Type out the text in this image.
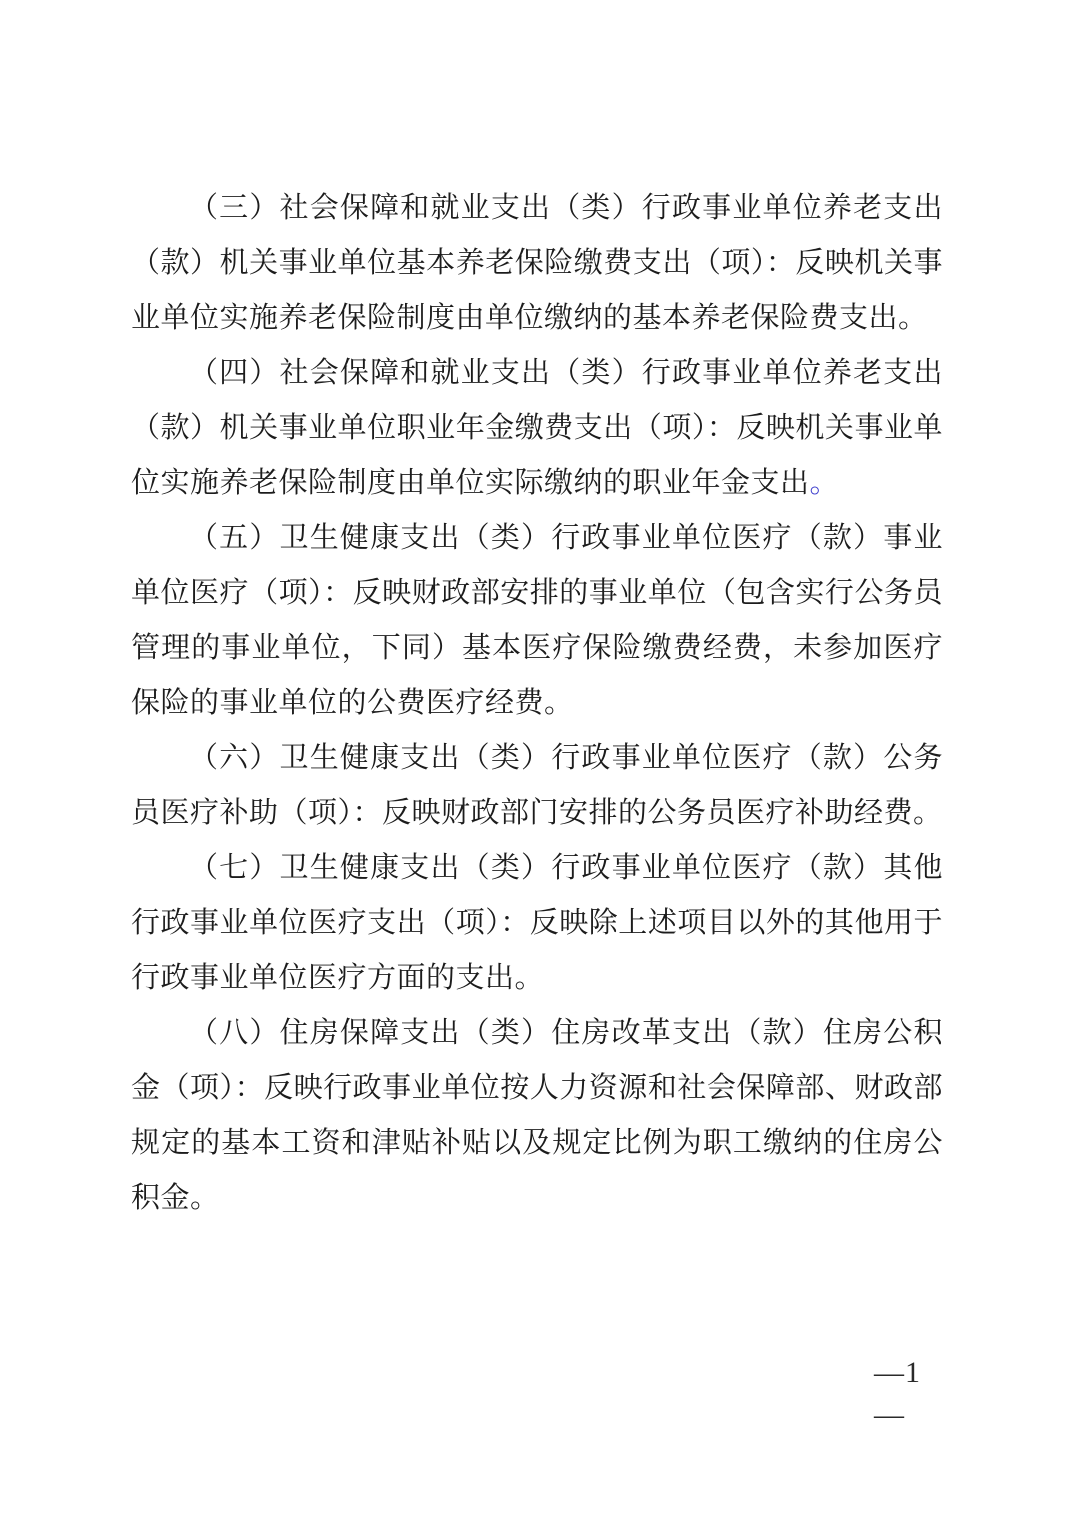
（三）社会保障和就业支出（类）行政事业单位养老支出（款）机关事业单位基本养老保险缴费支出（项）：反映机关事业单位实施养老保险制度由单位缴纳的基本养老保险费支出。

（四）社会保障和就业支出（类）行政事业单位养老支出（款）机关事业单位职业年金缴费支出（项）：反映机关事业单位实施养老保险制度由单位实际缴纳的职业年金支出。

（五）卫生健康支出（类）行政事业单位医疗（款）事业单位医疗（项）：反映财政部安排的事业单位（包含实行公务员管理的事业单位，下同）基本医疗保险缴费经费，未参加医疗保险的事业单位的公费医疗经费。

（六）卫生健康支出（类）行政事业单位医疗（款）公务员医疗补助（项）：反映财政部门安排的公务员医疗补助经费。

（七）卫生健康支出（类）行政事业单位医疗（款）其他行政事业单位医疗支出（项）：反映除上述项目以外的其他用于行政事业单位医疗方面的支出。

（八）住房保障支出（类）住房改革支出（款）住房公积金（项）：反映行政事业单位按人力资源和社会保障部、财政部规定的基本工资和津贴补贴以及规定比例为职工缴纳的住房公积金。

—1
—
